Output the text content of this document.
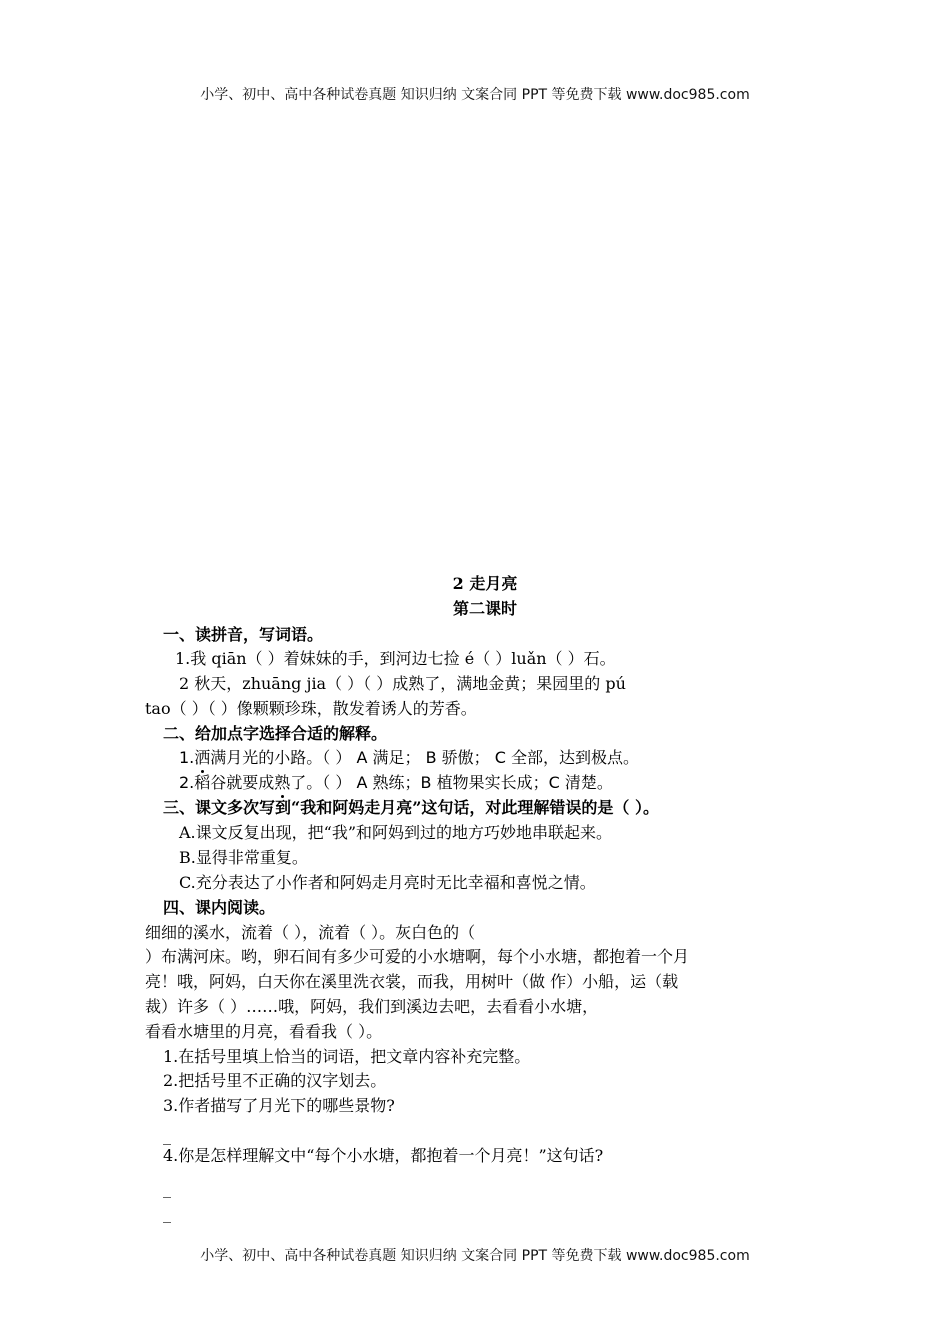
小学、初中、高中各种试卷真题 知识归纳 文案合同 PPT 等免费下载 www.doc985.com
2 走月亮
第二课时
一、读拼音，写词语。
1.我 qiān（ ）着妹妹的手，到河边七捡 é（ ）luǎn（ ）石。
2 秋天，zhuāng jia（ ）（ ）成熟了，满地金黄；果园里的 pú
tao（ ）（ ）像颗颗珍珠，散发着诱人的芳香。
二、给加点字选择合适的解释。
1.洒满月光的小路。（ ） A 满足； B 骄傲； C 全部，达到极点。
2.稻谷就要成熟了。（ ） A 熟练；B 植物果实长成；C 清楚。
三、课文多次写到“我和阿妈走月亮”这句话，对此理解错误的是（ ）。
A.课文反复出现，把“我”和阿妈到过的地方巧妙地串联起来。
B.显得非常重复。
C.充分表达了小作者和阿妈走月亮时无比幸福和喜悦之情。
四、课内阅读。
细细的溪水，流着（ ），流着（ ）。灰白色的（
）布满河床。哟，卵石间有多少可爱的小水塘啊，每个小水塘，都抱着一个月
亮！哦，阿妈，白天你在溪里洗衣裳，而我，用树叶（做 作）小船，运（载
裁）许多（ ）……哦，阿妈，我们到溪边去吧，去看看小水塘，
看看水塘里的月亮，看看我（ ）。
1.在括号里填上恰当的词语，把文章内容补充完整。
2.把括号里不正确的汉字划去。
3.作者描写了月光下的哪些景物?
_
4.你是怎样理解文中“每个小水塘，都抱着一个月亮！”这句话?
_
_
小学、初中、高中各种试卷真题 知识归纳 文案合同 PPT 等免费下载 www.doc985.com
